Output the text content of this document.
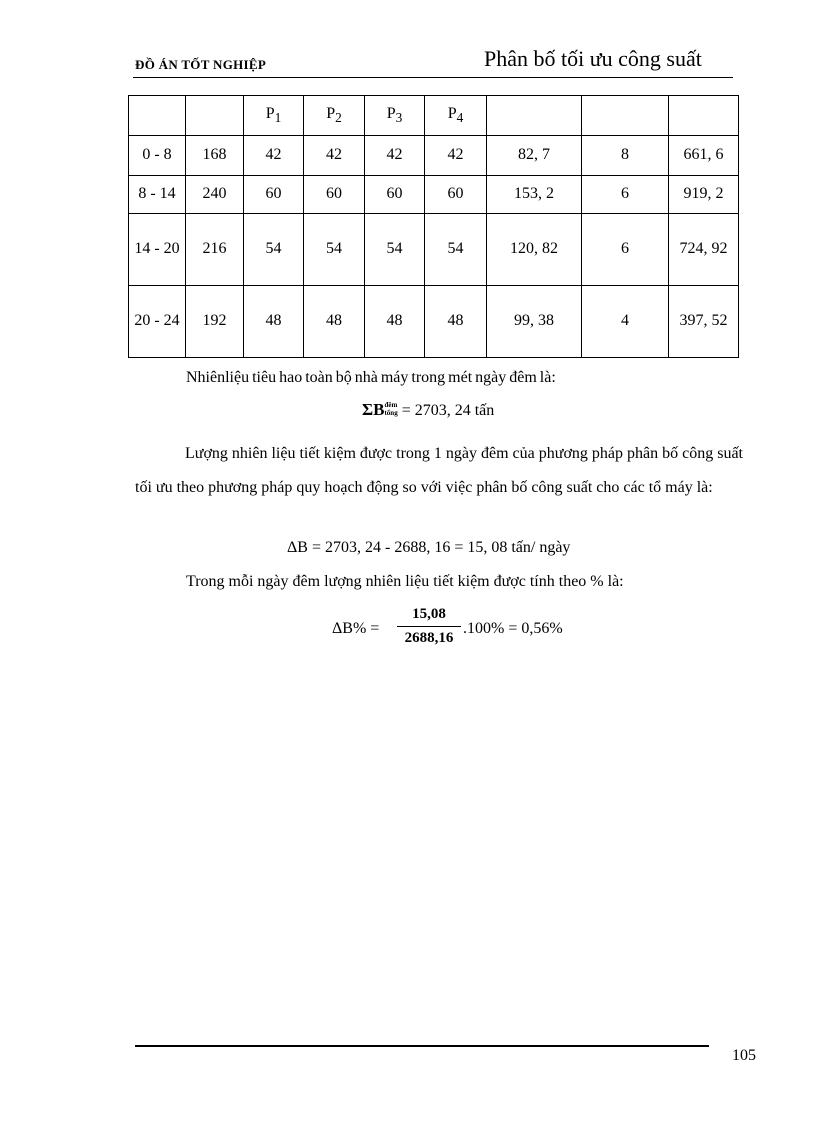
ĐỒ ÁN TỐT NGHIỆP	Phân bố tối ưu công suất
		$P_1$	$P_2$	$P_3$	$P_4$			
0 - 8	168	42	42	42	42	82, 7	8	661, 6
8 - 14	240	60	60	60	60	153, 2	6	919, 2
14 - 20	216	54	54	54	54	120, 82	6	724, 92
20 - 24	192	48	48	48	48	99, 38	4	397, 52
Nhiênliệu tiêu hao toàn bộ nhà máy trong mét ngày đêm là:
ΣBđêm
tổng = 2703, 24 tấn
Lượng nhiên liệu tiết kiệm được trong 1 ngày đêm của phương pháp phân bố công suất tối ưu theo phương pháp quy hoạch động so với việc phân bố công suất cho các tổ máy là:
ΔB = 2703, 24 - 2688, 16 = 15, 08 tấn/ ngày
Trong mỗi ngày đêm lượng nhiên liệu tiết kiệm được tính theo % là:
$\Delta B\% = \frac{15,08}{2688,16} .100\% = 0,56\%$
105
